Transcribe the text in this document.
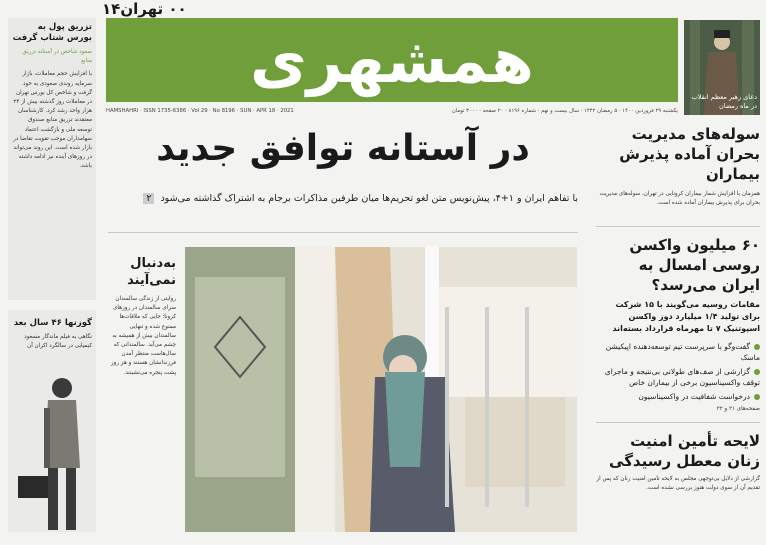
١۴٠٠ تهران
همشهری
HAMSHAHRI · ISSN 1735-6386 · Vol 29 · No 8196 · SUN · APR 18 · 2021	یکشنبه ۲۹ فروردین ۱۴۰۰ · ۵ رمضان ۱۴۴۲ · سال بیست و نهم · شماره ۸۱۹۶ · ۲۰ صفحه · ۳۰۰۰ تومان
دعای رهبر معظم انقلاب در ماه رمضان
تزریق پول به بورس شتاب گرفت
صعود شاخص در آستانه تزریق منابع
با افزایش حجم معاملات، بازار سرمایه روندی صعودی به خود گرفت و شاخص کل بورس تهران در معاملات روز گذشته بیش از ۲۴ هزار واحد رشد کرد. کارشناسان معتقدند تزریق منابع صندوق توسعه ملی و بازگشت اعتماد سهامداران موجب تقویت تقاضا در بازار شده است. این روند می‌تواند در روزهای آینده نیز ادامه داشته باشد.
گوزنها ۴۶ سال بعد
نگاهی به فیلم ماندگار مسعود کیمیایی در سالگرد اکران آن
در آستانه توافق جدید
با تفاهم ایران و ۱+۴، پیش‌نویس متن لغو تحریم‌ها میان طرفین مذاکرات برجام به اشتراک گذاشته می‌شود ۲
به‌دنبال نمی‌آیند
روایتی از زندگی سالمندان سرای سالمندان در روزهای کرونا؛ جایی که ملاقات‌ها ممنوع شده و تنهایی سالمندان بیش از همیشه به چشم می‌آید. سالمندانی که سال‌هاست منتظر آمدن فرزندانشان هستند و هر روز پشت پنجره می‌نشینند.
سوله‌های مدیریت بحران آماده پذیرش بیماران
همزمان با افزایش شمار بیماران کرونایی در تهران، سوله‌های مدیریت بحران برای پذیرش بیماران آماده شده است.
۶۰ میلیون واکسن روسی امسال به ایران می‌رسد؟
مقامات روسیه می‌گویند با ۱۵ شرکت برای تولید ۱/۴ میلیارد دوز واکسن اسپوتنیک ۷ تا مهرماه قرارداد بسته‌اند
گفت‌وگو با سرپرست تیم توسعه‌دهنده اپیکیشن ماسک
گزارشی از صف‌های طولانی بی‌نتیجه و ماجرای توقف واکسیناسیون برخی از بیماران خاص
درخواست شفافیت در واکسیناسیون
صفحه‌های ۲۱ و ۲۲
لایحه تأمین امنیت زنان معطل رسیدگی
گزارشی از دلایل بی‌توجهی مجلس به لایحه تأمین امنیت زنان که پس از تقدیم آن از سوی دولت هنوز بررسی نشده است.
